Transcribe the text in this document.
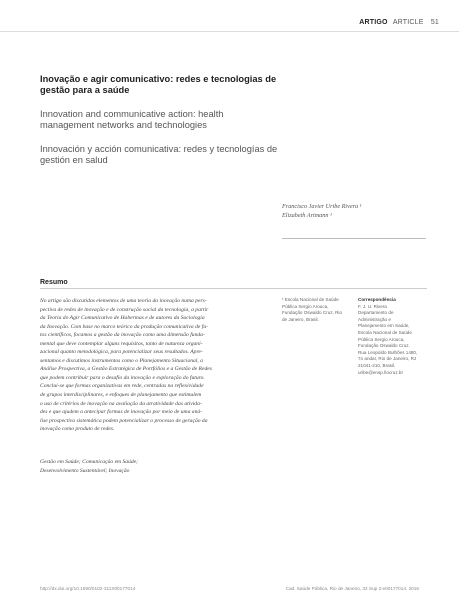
ARTIGO ARTICLE 51
Inovação e agir comunicativo: redes e tecnologias de gestão para a saúde
Innovation and communicative action: health management networks and technologies
Innovación y acción comunicativa: redes y tecnologías de gestión en salud
Francisco Javier Uribe Rivera ¹
Elizabeth Artmann ¹
Resumo
No artigo são discutidos elementos de uma teoria da inovação numa pers-
pectiva de redes de inovação e de construção social da tecnologia, a partir
da Teoria do Agir Comunicativo de Habermas e de autores da Sociologia
da Inovação. Com base no marco teórico da produção comunicativa de fa-
tos científicos, focamos a gestão da inovação como uma dimensão funda-
mental que deve contemplar alguns requisitos, tanto de natureza organi-
zacional quanto metodológica, para potencializar seus resultados. Apre-
sentamos e discutimos instrumentos como o Planejamento Situacional, a
Análise Prospectiva, a Gestão Estratégica de Portfólios e a Gestão de Redes
que podem contribuir para o desafio da inovação e exploração do futuro.
Conclui-se que formas organizativas em rede, centradas na reflexividade
de grupos interdisciplinares, e enfoques de planejamento que estimulem
o uso de critérios de inovação na avaliação da atratividade das ativida-
des e que ajudem a antecipar formas de inovação por meio de uma aná-
lise prospectiva sistemática podem potencializar o processo de geração da
inovação como produto de redes.
Gestão em Saúde; Comunicação em Saúde;
Desenvolvimento Sustentável; Inovação
¹ Escola Nacional de Saúde
Pública Sergio Arouca,
Fundação Oswaldo Cruz, Rio
de Janeiro, Brasil.
Correspondência
F. J. U. Rivera
Departamento de
Administração e
Planejamento em Saúde,
Escola Nacional de Saúde
Pública Sergio Arouca,
Fundação Oswaldo Cruz.
Rua Leopoldo Bulhões 1480,
7o andar, Rio de Janeiro, RJ
21041-210, Brasil.
uribe@ensp.fiocruz.br
http://dx.doi.org/10.1590/0102-311X00177014	Cad. Saúde Pública, Rio de Janeiro, 32 Sup 2:e00177014, 2016
